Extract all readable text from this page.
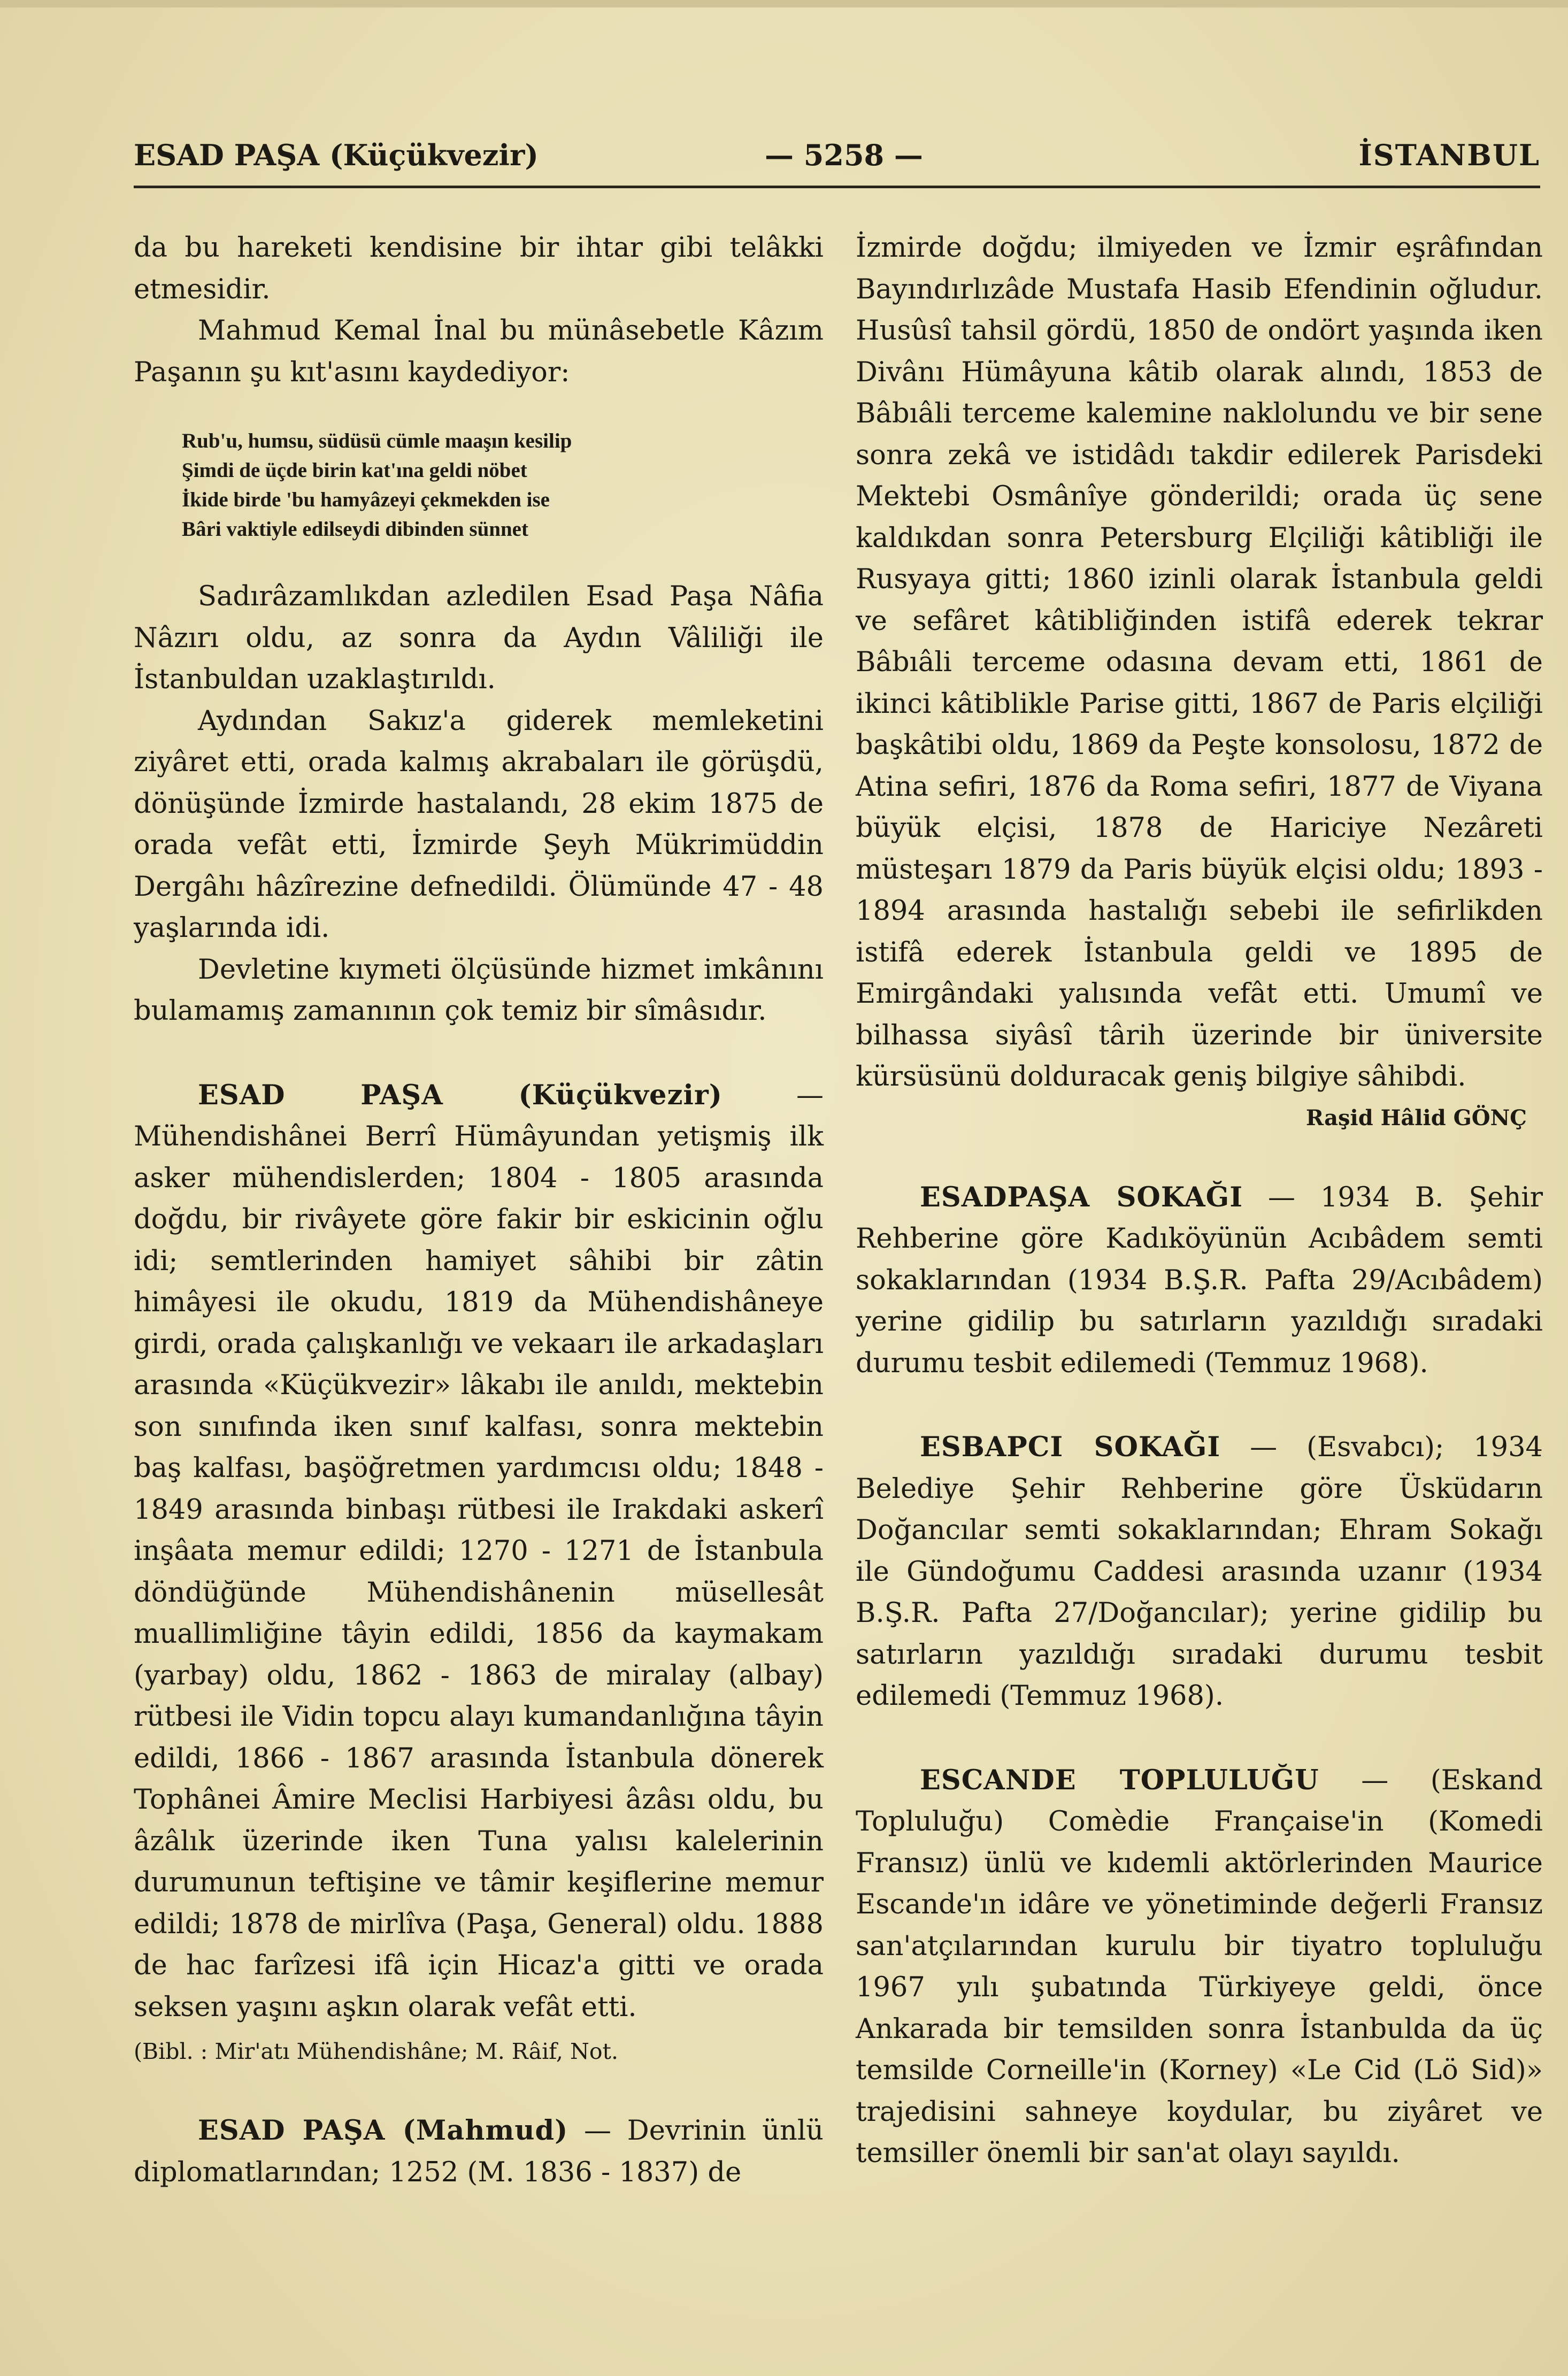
ESAD PAŞA (Küçükvezir)	— 5258 —	İSTANBUL

da bu hareketi kendisine bir ihtar gibi telâkki etmesidir.

Mahmud Kemal İnal bu münâsebetle Kâzım Paşanın şu kıt'asını kaydediyor:

Rub'u, humsu, südüsü cümle maaşın kesilip
Şimdi de üçde birin kat'ına geldi nöbet
İkide birde 'bu hamyâzeyi çekmekden ise
Bâri vaktiyle edilseydi dibinden sünnet

Sadırâzamlıkdan azledilen Esad Paşa Nâfia Nâzırı oldu, az sonra da Aydın Vâliliği ile İstanbuldan uzaklaştırıldı.

Aydından Sakız'a giderek memleketini ziyâret etti, orada kalmış akrabaları ile görüşdü, dönüşünde İzmirde hastalandı, 28 ekim 1875 de orada vefât etti, İzmirde Şeyh Mükrimüddin Dergâhı hâzîrezine defnedildi. Ölümünde 47 - 48 yaşlarında idi.

Devletine kıymeti ölçüsünde hizmet imkânını bulamamış zamanının çok temiz bir sîmâsıdır.

ESAD PAŞA (Küçükvezir) — Mühendishânei Berrî Hümâyundan yetişmiş ilk asker mühendislerden; 1804 - 1805 arasında doğdu, bir rivâyete göre fakir bir eskicinin oğlu idi; semtlerinden hamiyet sâhibi bir zâtin himâyesi ile okudu, 1819 da Mühendishâneye girdi, orada çalışkanlığı ve vekaarı ile arkadaşları arasında «Küçükvezir» lâkabı ile anıldı, mektebin son sınıfında iken sınıf kalfası, sonra mektebin baş kalfası, başöğretmen yardımcısı oldu; 1848 - 1849 arasında binbaşı rütbesi ile Irakdaki askerî inşâata memur edildi; 1270 - 1271 de İstanbula döndüğünde Mühendishânenin müsellesât muallimliğine tâyin edildi, 1856 da kaymakam (yarbay) oldu, 1862 - 1863 de miralay (albay) rütbesi ile Vidin topcu alayı kumandanlığına tâyin edildi, 1866 - 1867 arasında İstanbula dönerek Tophânei Âmire Meclisi Harbiyesi âzâsı oldu, bu âzâlık üzerinde iken Tuna yalısı kalelerinin durumunun teftişine ve tâmir keşiflerine memur edildi; 1878 de mirlîva (Paşa, General) oldu. 1888 de hac farîzesi ifâ için Hicaz'a gitti ve orada seksen yaşını aşkın olarak vefât etti.

(Bibl. : Mir'atı Mühendishâne; M. Râif, Not.

ESAD PAŞA (Mahmud) — Devrinin ünlü diplomatlarından; 1252 (M. 1836 - 1837) de

İzmirde doğdu; ilmiyeden ve İzmir eşrâfından Bayındırlızâde Mustafa Hasib Efendinin oğludur. Husûsî tahsil gördü, 1850 de ondört yaşında iken Divânı Hümâyuna kâtib olarak alındı, 1853 de Bâbıâli terceme kalemine naklolundu ve bir sene sonra zekâ ve istidâdı takdir edilerek Parisdeki Mektebi Osmânîye gönderildi; orada üç sene kaldıkdan sonra Petersburg Elçiliği kâtibliği ile Rusyaya gitti; 1860 izinli olarak İstanbula geldi ve sefâret kâtibliğinden istifâ ederek tekrar Bâbıâli terceme odasına devam etti, 1861 de ikinci kâtiblikle Parise gitti, 1867 de Paris elçiliği başkâtibi oldu, 1869 da Peşte konsolosu, 1872 de Atina sefiri, 1876 da Roma sefiri, 1877 de Viyana büyük elçisi, 1878 de Hariciye Nezâreti müsteşarı 1879 da Paris büyük elçisi oldu; 1893 - 1894 arasında hastalığı sebebi ile sefirlikden istifâ ederek İstanbula geldi ve 1895 de Emirgândaki yalısında vefât etti. Umumî ve bilhassa siyâsî târih üzerinde bir üniversite kürsüsünü dolduracak geniş bilgiye sâhibdi.

Raşid Hâlid GÖNÇ

ESADPAŞA SOKAĞI — 1934 B. Şehir Rehberine göre Kadıköyünün Acıbâdem semti sokaklarından (1934 B.Ş.R. Pafta 29/Acıbâdem) yerine gidilip bu satırların yazıldığı sıradaki durumu tesbit edilemedi (Temmuz 1968).

ESBAPCI SOKAĞI — (Esvabcı); 1934 Belediye Şehir Rehberine göre Üsküdarın Doğancılar semti sokaklarından; Ehram Sokağı ile Gündoğumu Caddesi arasında uzanır (1934 B.Ş.R. Pafta 27/Doğancılar); yerine gidilip bu satırların yazıldığı sıradaki durumu tesbit edilemedi (Temmuz 1968).

ESCANDE TOPLULUĞU — (Eskand Topluluğu) Comèdie Française'in (Komedi Fransız) ünlü ve kıdemli aktörlerinden Maurice Escande'ın idâre ve yönetiminde değerli Fransız san'atçılarından kurulu bir tiyatro topluluğu 1967 yılı şubatında Türkiyeye geldi, önce Ankarada bir temsilden sonra İstanbulda da üç temsilde Corneille'in (Korney) «Le Cid (Lö Sid)» trajedisini sahneye koydular, bu ziyâret ve temsiller önemli bir san'at olayı sayıldı.
